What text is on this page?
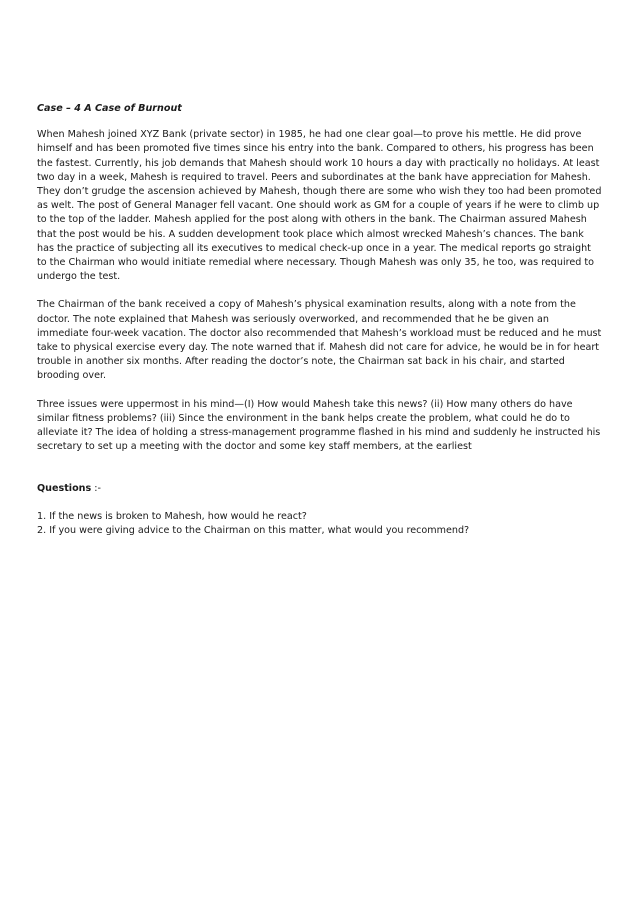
Case – 4 A Case of Burnout

When Mahesh joined XYZ Bank (private sector) in 1985, he had one clear goal—to prove his mettle. He did prove himself and has been promoted five times since his entry into the bank. Compared to others, his progress has been the fastest. Currently, his job demands that Mahesh should work 10 hours a day with practically no holidays. At least two day in a week, Mahesh is required to travel. Peers and subordinates at the bank have appreciation for Mahesh. They don’t grudge the ascension achieved by Mahesh, though there are some who wish they too had been promoted as welt. The post of General Manager fell vacant. One should work as GM for a couple of years if he were to climb up to the top of the ladder. Mahesh applied for the post along with others in the bank. The Chairman assured Mahesh that the post would be his. A sudden development took place which almost wrecked Mahesh’s chances. The bank has the practice of subjecting all its executives to medical check-up once in a year. The medical reports go straight to the Chairman who would initiate remedial where necessary. Though Mahesh was only 35, he too, was required to undergo the test.

The Chairman of the bank received a copy of Mahesh’s physical examination results, along with a note from the doctor. The note explained that Mahesh was seriously overworked, and recommended that he be given an immediate four-week vacation. The doctor also recommended that Mahesh’s workload must be reduced and he must take to physical exercise every day. The note warned that if. Mahesh did not care for advice, he would be in for heart trouble in another six months. After reading the doctor’s note, the Chairman sat back in his chair, and started brooding over.

Three issues were uppermost in his mind—(I) How would Mahesh take this news? (ii) How many others do have similar fitness problems? (iii) Since the environment in the bank helps create the problem, what could he do to alleviate it? The idea of holding a stress-management programme flashed in his mind and suddenly he instructed his secretary to set up a meeting with the doctor and some key staff members, at the earliest

Questions :-
1. If the news is broken to Mahesh, how would he react?
2. If you were giving advice to the Chairman on this matter, what would you recommend?
